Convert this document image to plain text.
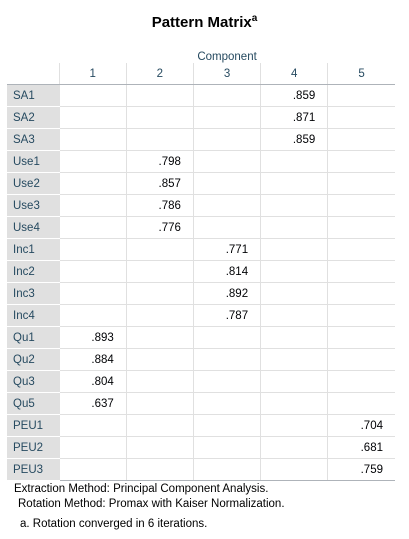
Pattern Matrix$^a$
	Component				
	1	2	3	4	5
SA1				.859	
SA2				.871	
SA3				.859	
Use1		.798			
Use2		.857			
Use3		.786			
Use4		.776			
Inc1			.771		
Inc2			.814		
Inc3			.892		
Inc4			.787		
Qu1	.893				
Qu2	.884				
Qu3	.804				
Qu5	.637				
PEU1					.704
PEU2					.681
PEU3					.759
Extraction Method: Principal Component Analysis.
Rotation Method: Promax with Kaiser Normalization.
a. Rotation converged in 6 iterations.
